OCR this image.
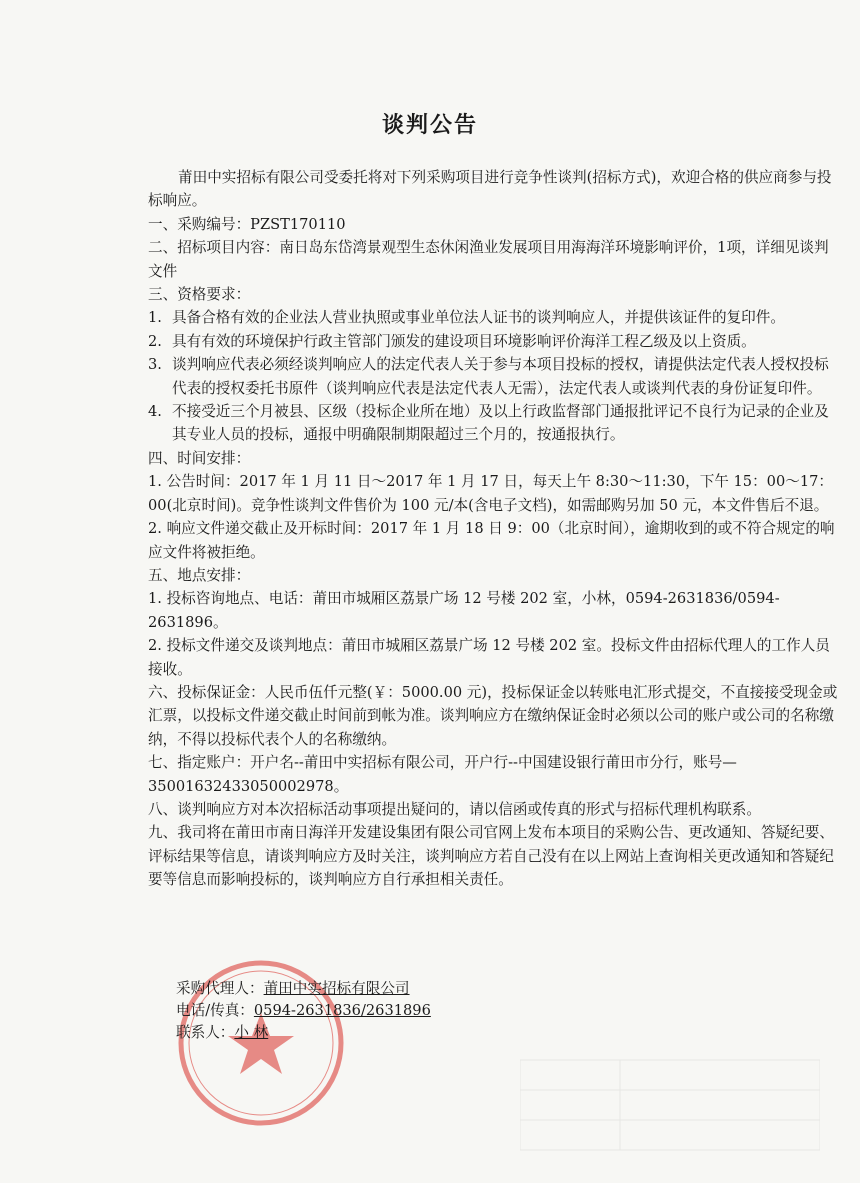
谈判公告

莆田中实招标有限公司受委托将对下列采购项目进行竞争性谈判(招标方式)，欢迎合格的供应商参与投标响应。

一、采购编号：PZST170110

二、招标项目内容：南日岛东岱湾景观型生态休闲渔业发展项目用海海洋环境影响评价，1项，详细见谈判文件

三、资格要求：

1. 具备合格有效的企业法人营业执照或事业单位法人证书的谈判响应人，并提供该证件的复印件。
2. 具有有效的环境保护行政主管部门颁发的建设项目环境影响评价海洋工程乙级及以上资质。
3. 谈判响应代表必须经谈判响应人的法定代表人关于参与本项目投标的授权，请提供法定代表人授权投标代表的授权委托书原件（谈判响应代表是法定代表人无需），法定代表人或谈判代表的身份证复印件。
4. 不接受近三个月被县、区级（投标企业所在地）及以上行政监督部门通报批评记不良行为记录的企业及其专业人员的投标，通报中明确限制期限超过三个月的，按通报执行。

四、时间安排：

1. 公告时间：2017 年 1 月 11 日～2017 年 1 月 17 日，每天上午 8:30～11:30，下午 15：00～17：00(北京时间)。竞争性谈判文件售价为 100 元/本(含电子文档)，如需邮购另加 50 元，本文件售后不退。

2. 响应文件递交截止及开标时间：2017 年 1 月 18 日 9：00（北京时间），逾期收到的或不符合规定的响应文件将被拒绝。

五、地点安排：

1. 投标咨询地点、电话：莆田市城厢区荔景广场 12 号楼 202 室，小林，0594-2631836/0594-2631896。

2. 投标文件递交及谈判地点：莆田市城厢区荔景广场 12 号楼 202 室。投标文件由招标代理人的工作人员接收。

六、投标保证金：人民币伍仟元整(￥：5000.00 元)，投标保证金以转账电汇形式提交，不直接接受现金或汇票，以投标文件递交截止时间前到帐为准。谈判响应方在缴纳保证金时必须以公司的账户或公司的名称缴纳，不得以投标代表个人的名称缴纳。

七、指定账户：开户名--莆田中实招标有限公司，开户行--中国建设银行莆田市分行，账号—35001632433050002978。

八、谈判响应方对本次招标活动事项提出疑问的，请以信函或传真的形式与招标代理机构联系。

九、我司将在莆田市南日海洋开发建设集团有限公司官网上发布本项目的采购公告、更改通知、答疑纪要、评标结果等信息，请谈判响应方及时关注，谈判响应方若自己没有在以上网站上查询相关更改通知和答疑纪要等信息而影响投标的，谈判响应方自行承担相关责任。

采购代理人：莆田中实招标有限公司
电话/传真：0594-2631836/2631896
联系人：小 林
